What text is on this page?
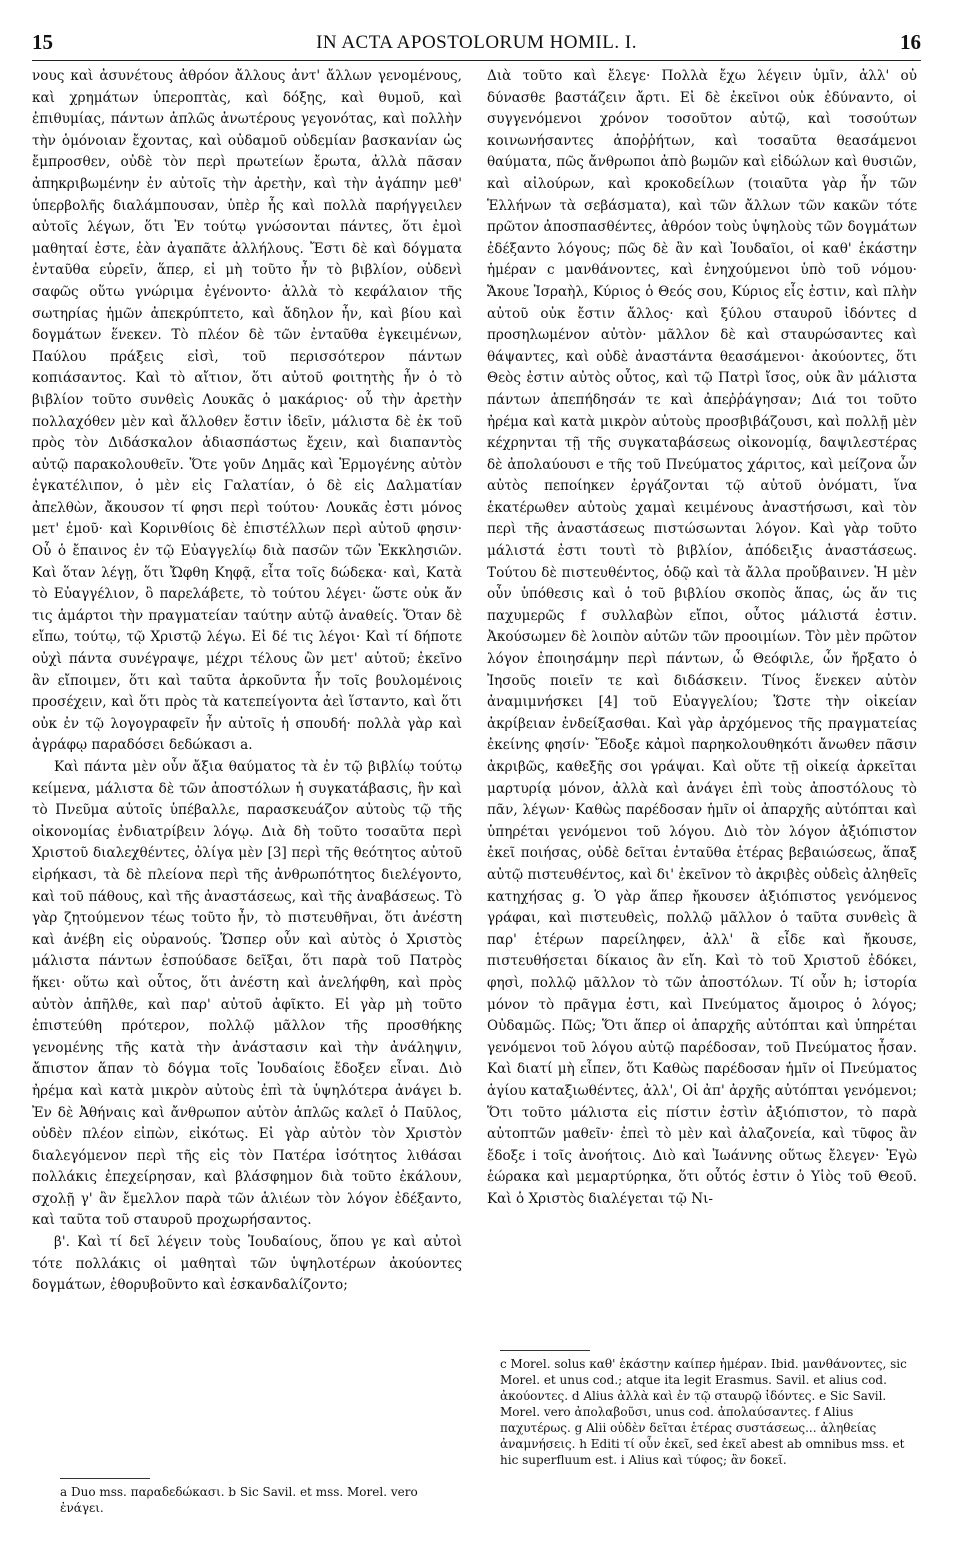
15	IN ACTA APOSTOLORUM HOMIL. I.	16

νους καὶ ἀσυνέτους ἀθρόον ἄλλους ἀντ' ἄλλων γενομένους, καὶ χρημάτων ὑπεροπτὰς, καὶ δόξης, καὶ θυμοῦ, καὶ ἐπιθυμίας, πάντων ἁπλῶς ἀνωτέρους γεγονότας, καὶ πολλὴν τὴν ὁμόνοιαν ἔχοντας, καὶ οὐδαμοῦ οὐδεμίαν βασκανίαν ὡς ἔμπροσθεν, οὐδὲ τὸν περὶ πρωτείων ἔρωτα, ἀλλὰ πᾶσαν ἀπηκριβωμένην ἐν αὐτοῖς τὴν ἀρετὴν, καὶ τὴν ἀγάπην μεθ' ὑπερβολῆς διαλάμπουσαν, ὑπὲρ ἧς καὶ πολλὰ παρήγγειλεν αὐτοῖς λέγων, ὅτι Ἐν τούτῳ γνώσονται πάντες, ὅτι ἐμοὶ μαθηταί ἐστε, ἐὰν ἀγαπᾶτε ἀλλήλους. Ἔστι δὲ καὶ δόγματα ἐνταῦθα εὑρεῖν, ἅπερ, εἰ μὴ τοῦτο ἦν τὸ βιβλίον, οὐδενὶ σαφῶς οὕτω γνώριμα ἐγένοντο· ἀλλὰ τὸ κεφάλαιον τῆς σωτηρίας ἡμῶν ἀπεκρύπτετο, καὶ ἄδηλον ἦν, καὶ βίου καὶ δογμάτων ἕνεκεν. Τὸ πλέον δὲ τῶν ἐνταῦθα ἐγκειμένων, Παύλου πράξεις εἰσὶ, τοῦ περισσότερον πάντων κοπιάσαντος. Καὶ τὸ αἴτιον, ὅτι αὐτοῦ φοιτητὴς ἦν ὁ τὸ βιβλίον τοῦτο συνθεὶς Λουκᾶς ὁ μακάριος· οὗ τὴν ἀρετὴν πολλαχόθεν μὲν καὶ ἄλλοθεν ἔστιν ἰδεῖν, μάλιστα δὲ ἐκ τοῦ πρὸς τὸν Διδάσκαλον ἀδιασπάστως ἔχειν, καὶ διαπαντὸς αὐτῷ παρακολουθεῖν. Ὅτε γοῦν Δημᾶς καὶ Ἑρμογένης αὐτὸν ἐγκατέλιπον, ὁ μὲν εἰς Γαλατίαν, ὁ δὲ εἰς Δαλματίαν ἀπελθὼν, ἄκουσον τί φησι περὶ τούτου· Λουκᾶς ἐστι μόνος μετ' ἐμοῦ· καὶ Κορινθίοις δὲ ἐπιστέλλων περὶ αὐτοῦ φησιν· Οὗ ὁ ἔπαινος ἐν τῷ Εὐαγγελίῳ διὰ πασῶν τῶν Ἐκκλησιῶν. Καὶ ὅταν λέγῃ, ὅτι Ὤφθη Κηφᾷ, εἶτα τοῖς δώδεκα· καὶ, Κατὰ τὸ Εὐαγγέλιον, ὃ παρελάβετε, τὸ τούτου λέγει· ὥστε οὐκ ἄν τις ἁμάρτοι τὴν πραγματείαν ταύτην αὐτῷ ἀναθείς. Ὅταν δὲ εἴπω, τούτῳ, τῷ Χριστῷ λέγω. Εἰ δέ τις λέγοι· Καὶ τί δήποτε οὐχὶ πάντα συνέγραψε, μέχρι τέλους ὢν μετ' αὐτοῦ; ἐκεῖνο ἂν εἴποιμεν, ὅτι καὶ ταῦτα ἀρκοῦντα ἦν τοῖς βουλομένοις προσέχειν, καὶ ὅτι πρὸς τὰ κατεπείγοντα ἀεὶ ἵσταντο, καὶ ὅτι οὐκ ἐν τῷ λογογραφεῖν ἦν αὐτοῖς ἡ σπουδή· πολλὰ γὰρ καὶ ἀγράφῳ παραδόσει δεδώκασι a.

Καὶ πάντα μὲν οὖν ἄξια θαύματος τὰ ἐν τῷ βιβλίῳ τούτῳ κείμενα, μάλιστα δὲ τῶν ἀποστόλων ἡ συγκατάβασις, ἣν καὶ τὸ Πνεῦμα αὐτοῖς ὑπέβαλλε, παρασκευάζον αὐτοὺς τῷ τῆς οἰκονομίας ἐνδιατρίβειν λόγῳ. Διὰ δὴ τοῦτο τοσαῦτα περὶ Χριστοῦ διαλεχθέντες, ὀλίγα μὲν [3] περὶ τῆς θεότητος αὐτοῦ εἰρήκασι, τὰ δὲ πλείονα περὶ τῆς ἀνθρωπότητος διελέγοντο, καὶ τοῦ πάθους, καὶ τῆς ἀναστάσεως, καὶ τῆς ἀναβάσεως. Τὸ γὰρ ζητούμενον τέως τοῦτο ἦν, τὸ πιστευθῆναι, ὅτι ἀνέστη καὶ ἀνέβη εἰς οὐρανούς. Ὥσπερ οὖν καὶ αὐτὸς ὁ Χριστὸς μάλιστα πάντων ἐσπούδασε δεῖξαι, ὅτι παρὰ τοῦ Πατρὸς ἥκει· οὕτω καὶ οὗτος, ὅτι ἀνέστη καὶ ἀνελήφθη, καὶ πρὸς αὐτὸν ἀπῆλθε, καὶ παρ' αὐτοῦ ἀφῖκτο. Εἰ γὰρ μὴ τοῦτο ἐπιστεύθη πρότερον, πολλῷ μᾶλλον τῆς προσθήκης γενομένης τῆς κατὰ τὴν ἀνάστασιν καὶ τὴν ἀνάληψιν, ἄπιστον ἅπαν τὸ δόγμα τοῖς Ἰουδαίοις ἔδοξεν εἶναι. Διὸ ἠρέμα καὶ κατὰ μικρὸν αὐτοὺς ἐπὶ τὰ ὑψηλότερα ἀνάγει b. Ἐν δὲ Ἀθήναις καὶ ἄνθρωπον αὐτὸν ἁπλῶς καλεῖ ὁ Παῦλος, οὐδὲν πλέον εἰπὼν, εἰκότως. Εἰ γὰρ αὐτὸν τὸν Χριστὸν διαλεγόμενον περὶ τῆς εἰς τὸν Πατέρα ἰσότητος λιθάσαι πολλάκις ἐπεχείρησαν, καὶ βλάσφημον διὰ τοῦτο ἐκάλουν, σχολῇ γ' ἂν ἔμελλον παρὰ τῶν ἁλιέων τὸν λόγον ἐδέξαντο, καὶ ταῦτα τοῦ σταυροῦ προχωρήσαντος.

β'. Καὶ τί δεῖ λέγειν τοὺς Ἰουδαίους, ὅπου γε καὶ αὐτοὶ τότε πολλάκις οἱ μαθηταὶ τῶν ὑψηλοτέρων ἀκούοντες δογμάτων, ἐθορυβοῦντο καὶ ἐσκανδαλίζοντο;

Διὰ τοῦτο καὶ ἔλεγε· Πολλὰ ἔχω λέγειν ὑμῖν, ἀλλ' οὐ δύνασθε βαστάζειν ἄρτι. Εἰ δὲ ἐκεῖνοι οὐκ ἐδύναντο, οἱ συγγενόμενοι χρόνον τοσοῦτον αὐτῷ, καὶ τοσούτων κοινωνήσαντες ἀποῤῥήτων, καὶ τοσαῦτα θεασάμενοι θαύματα, πῶς ἄνθρωποι ἀπὸ βωμῶν καὶ εἰδώλων καὶ θυσιῶν, καὶ αἰλούρων, καὶ κροκοδείλων (τοιαῦτα γὰρ ἦν τῶν Ἑλλήνων τὰ σεβάσματα), καὶ τῶν ἄλλων τῶν κακῶν τότε πρῶτον ἀποσπασθέντες, ἀθρόον τοὺς ὑψηλοὺς τῶν δογμάτων ἐδέξαντο λόγους; πῶς δὲ ἂν καὶ Ἰουδαῖοι, οἱ καθ' ἑκάστην ἡμέραν c μανθάνοντες, καὶ ἐνηχούμενοι ὑπὸ τοῦ νόμου· Ἄκουε Ἰσραὴλ, Κύριος ὁ Θεός σου, Κύριος εἷς ἐστιν, καὶ πλὴν αὐτοῦ οὐκ ἔστιν ἄλλος· καὶ ξύλου σταυροῦ ἰδόντες d προσηλωμένον αὐτὸν· μᾶλλον δὲ καὶ σταυρώσαντες καὶ θάψαντες, καὶ οὐδὲ ἀναστάντα θεασάμενοι· ἀκούοντες, ὅτι Θεὸς ἐστιν αὐτὸς οὗτος, καὶ τῷ Πατρὶ ἴσος, οὐκ ἂν μάλιστα πάντων ἀπεπήδησάν τε καὶ ἀπεῤῥάγησαν; Διά τοι τοῦτο ἠρέμα καὶ κατὰ μικρὸν αὐτοὺς προσβιβάζουσι, καὶ πολλῇ μὲν κέχρηνται τῇ τῆς συγκαταβάσεως οἰκονομίᾳ, δαψιλεστέρας δὲ ἀπολαύουσι e τῆς τοῦ Πνεύματος χάριτος, καὶ μείζονα ὧν αὐτὸς πεποίηκεν ἐργάζονται τῷ αὐτοῦ ὀνόματι, ἵνα ἑκατέρωθεν αὐτοὺς χαμαὶ κειμένους ἀναστήσωσι, καὶ τὸν περὶ τῆς ἀναστάσεως πιστώσωνται λόγον. Καὶ γὰρ τοῦτο μάλιστά ἐστι τουτὶ τὸ βιβλίον, ἀπόδειξις ἀναστάσεως. Τούτου δὲ πιστευθέντος, ὁδῷ καὶ τὰ ἄλλα προὔβαινεν. Ἡ μὲν οὖν ὑπόθεσις καὶ ὁ τοῦ βιβλίου σκοπὸς ἅπας, ὡς ἄν τις παχυμερῶς f συλλαβὼν εἴποι, οὗτος μάλιστά ἐστιν. Ἀκούσωμεν δὲ λοιπὸν αὐτῶν τῶν προοιμίων. Τὸν μὲν πρῶτον λόγον ἐποιησάμην περὶ πάντων, ὦ Θεόφιλε, ὧν ἤρξατο ὁ Ἰησοῦς ποιεῖν τε καὶ διδάσκειν. Τίνος ἕνεκεν αὐτὸν ἀναμιμνήσκει [4] τοῦ Εὐαγγελίου; Ὥστε τὴν οἰκείαν ἀκρίβειαν ἐνδείξασθαι. Καὶ γὰρ ἀρχόμενος τῆς πραγματείας ἐκείνης φησίν· Ἔδοξε κἀμοὶ παρηκολουθηκότι ἄνωθεν πᾶσιν ἀκριβῶς, καθεξῆς σοι γράψαι. Καὶ οὔτε τῇ οἰκείᾳ ἀρκεῖται μαρτυρίᾳ μόνον, ἀλλὰ καὶ ἀνάγει ἐπὶ τοὺς ἀποστόλους τὸ πᾶν, λέγων· Καθὼς παρέδοσαν ἡμῖν οἱ ἀπαρχῆς αὐτόπται καὶ ὑπηρέται γενόμενοι τοῦ λόγου. Διὸ τὸν λόγον ἀξιόπιστον ἐκεῖ ποιήσας, οὐδὲ δεῖται ἐνταῦθα ἑτέρας βεβαιώσεως, ἅπαξ αὐτῷ πιστευθέντος, καὶ δι' ἐκεῖνον τὸ ἀκριβὲς οὐδεὶς ἀληθεῖς κατηχήσας g. Ὁ γὰρ ἅπερ ἤκουσεν ἀξιόπιστος γενόμενος γράφαι, καὶ πιστευθεὶς, πολλῷ μᾶλλον ὁ ταῦτα συνθεὶς ἃ παρ' ἑτέρων παρείληφεν, ἀλλ' ἃ εἶδε καὶ ἤκουσε, πιστευθήσεται δίκαιος ἂν εἴη. Καὶ τὸ τοῦ Χριστοῦ ἐδόκει, φησὶ, πολλῷ μᾶλλον τὸ τῶν ἀποστόλων. Τί οὖν h; ἱστορία μόνον τὸ πρᾶγμα ἐστι, καὶ Πνεύματος ἄμοιρος ὁ λόγος; Οὐδαμῶς. Πῶς; Ὅτι ἅπερ οἱ ἀπαρχῆς αὐτόπται καὶ ὑπηρέται γενόμενοι τοῦ λόγου αὐτῷ παρέδοσαν, τοῦ Πνεύματος ἦσαν. Καὶ διατί μὴ εἶπεν, ὅτι Καθὼς παρέδοσαν ἡμῖν οἱ Πνεύματος ἁγίου καταξιωθέντες, ἀλλ', Οἱ ἀπ' ἀρχῆς αὐτόπται γενόμενοι; Ὅτι τοῦτο μάλιστα εἰς πίστιν ἐστὶν ἀξιόπιστον, τὸ παρὰ αὐτοπτῶν μαθεῖν· ἐπεὶ τὸ μὲν καὶ ἀλαζονεία, καὶ τῦφος ἂν ἔδοξε i τοῖς ἀνοήτοις. Διὸ καὶ Ἰωάννης οὕτως ἔλεγεν· Ἐγὼ ἑώρακα καὶ μεμαρτύρηκα, ὅτι οὗτός ἐστιν ὁ Υἱὸς τοῦ Θεοῦ. Καὶ ὁ Χριστὸς διαλέγεται τῷ Νι-

a Duo mss. παραδεδώκασι. b Sic Savil. et mss. Morel. vero ἐνάγει.
c Morel. solus καθ' ἑκάστην καίπερ ἡμέραν. Ibid. μανθάνοντες, sic Morel. et unus cod.; atque ita legit Erasmus. Savil. et alius cod. ἀκούοντες. d Alius ἀλλὰ καὶ ἐν τῷ σταυρῷ ἰδόντες. e Sic Savil. Morel. vero ἀπολαβοῦσι, unus cod. ἀπολαύσαντες. f Alius παχυτέρως. g Alii οὐδὲν δεῖται ἑτέρας συστάσεως... ἀληθείας ἀναμνήσεις. h Editi τί οὖν ἐκεῖ, sed ἐκεῖ abest ab omnibus mss. et hic superfluum est. i Alius καὶ τύφος; ἂν δοκεῖ.
